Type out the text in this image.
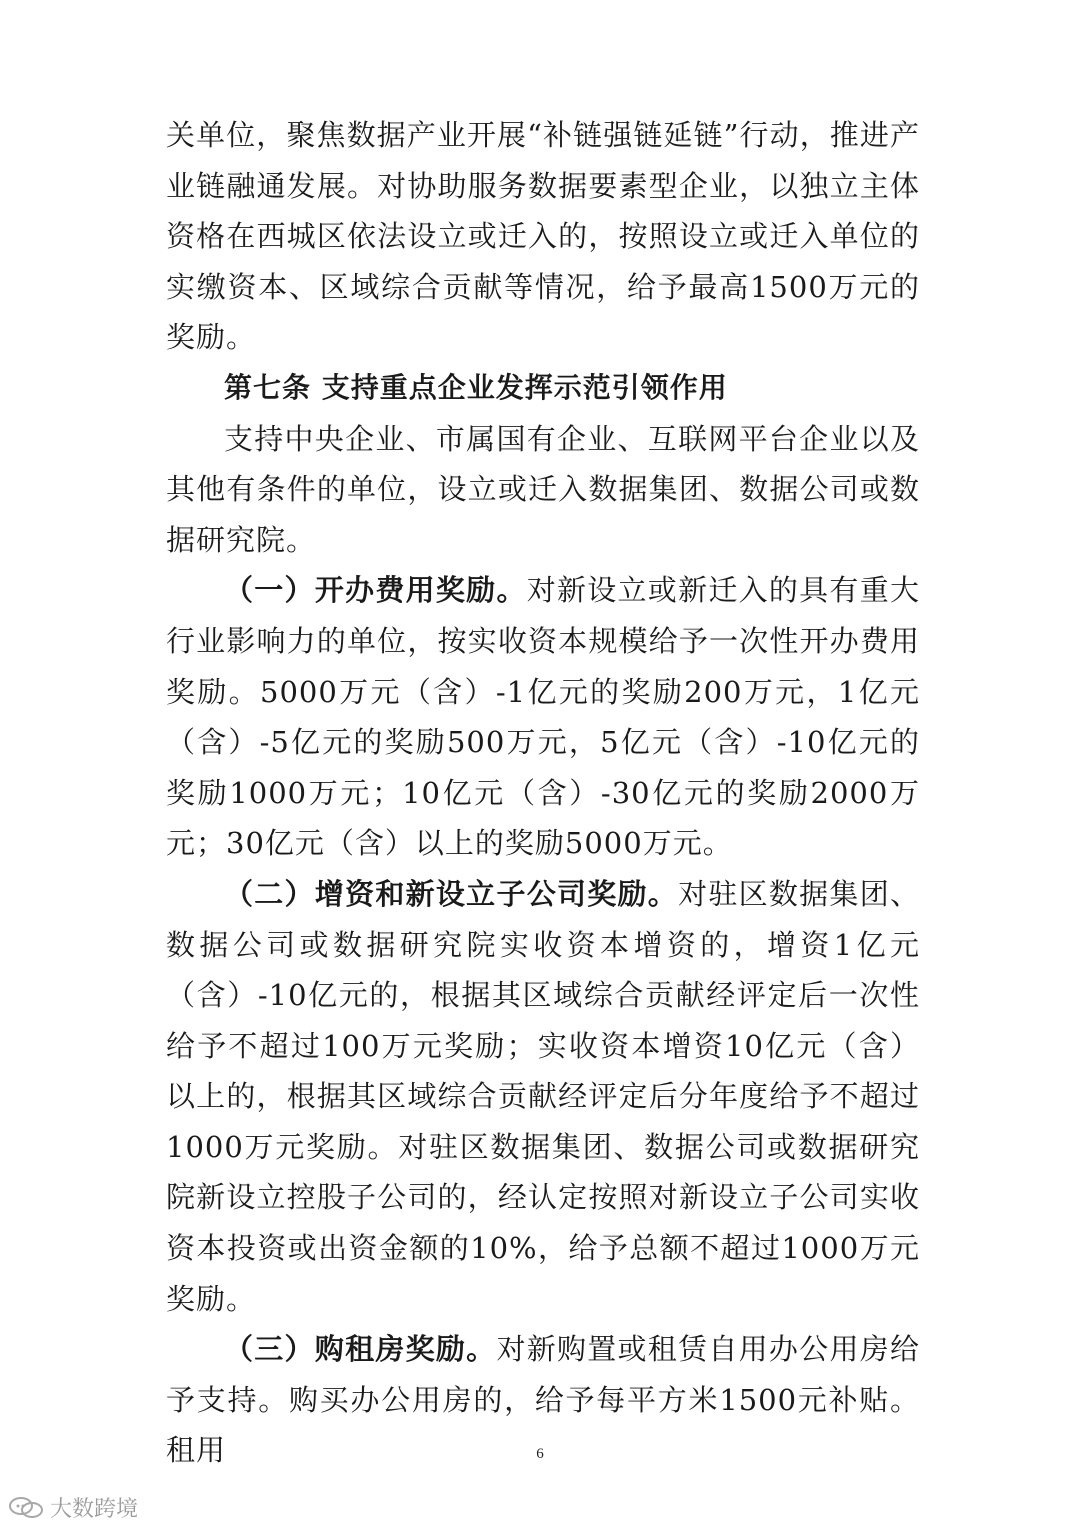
关单位，聚焦数据产业开展“补链强链延链”行动，推进产业链融通发展。对协助服务数据要素型企业，以独立主体资格在西城区依法设立或迁入的，按照设立或迁入单位的实缴资本、区域综合贡献等情况，给予最高1500万元的奖励。

第七条 支持重点企业发挥示范引领作用

支持中央企业、市属国有企业、互联网平台企业以及其他有条件的单位，设立或迁入数据集团、数据公司或数据研究院。

（一）开办费用奖励。对新设立或新迁入的具有重大行业影响力的单位，按实收资本规模给予一次性开办费用奖励。5000万元（含）-1亿元的奖励200万元，1亿元（含）-5亿元的奖励500万元，5亿元（含）-10亿元的奖励1000万元；10亿元（含）-30亿元的奖励2000万元；30亿元（含）以上的奖励5000万元。

（二）增资和新设立子公司奖励。对驻区数据集团、数据公司或数据研究院实收资本增资的，增资1亿元（含）-10亿元的，根据其区域综合贡献经评定后一次性给予不超过100万元奖励；实收资本增资10亿元（含）以上的，根据其区域综合贡献经评定后分年度给予不超过1000万元奖励。对驻区数据集团、数据公司或数据研究院新设立控股子公司的，经认定按照对新设立子公司实收资本投资或出资金额的10%，给予总额不超过1000万元奖励。

（三）购租房奖励。对新购置或租赁自用办公用房给予支持。购买办公用房的，给予每平方米1500元补贴。租用	6
大数跨境
